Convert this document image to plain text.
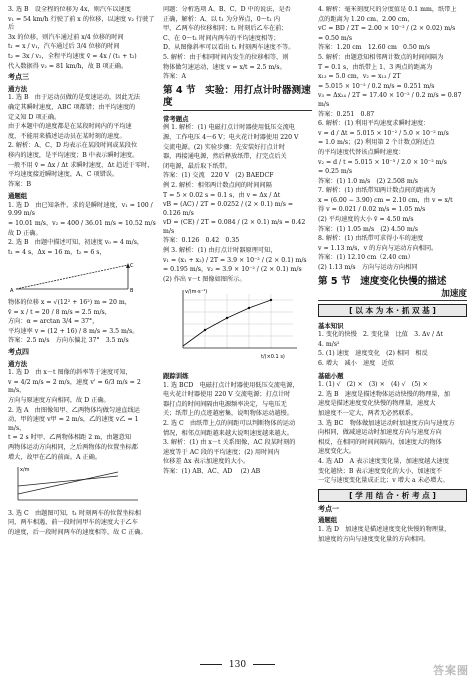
3. 选 B　设全程的位移为 4x，则汽车以速度

v₁ = 54 km/h 行驶了前 x 的位移，以速度 v₂ 行驶了后

3x 的位移，则汽车通过前 x/4 位移的时间

t₁ = x / v₁，汽车通过后 3/4 位移的时间

t₂ = 3x / v₂，全程平均速度 v̄ = 4x / (t₁ + t₂)

代入数据得 v₂ = 81 km/h，故 B 项正确。

考点三
通方法

1. 选 B　由于运动员做的是变速运动，因此无法

确定其瞬时速度，ABC 项都错；由平均速度的

定义知 D 项正确。

由于本题中的速度都是在某段时间内的平均速

度，不能用来描述运动员在某时刻的速度。

2. 解析：A、C、D 均表示在某段时间或某段位

移内的速度，是平均速度；B 中表示瞬时速度。

一般不用 v̄ = Δx / Δt 求瞬时速度，Δt 趋近于零时，

平均速度接近瞬时速度，A、C 项错误。

答案：B

通题组

1. 选 D　由已知条件，求的是瞬时速度，v₁ = 100 / 9.99 m/s

≈ 10.01 m/s，v₂ = 400 / 36.01 m/s ≈ 10.52 m/s

故 D 正确。

2. 选 B　由题中描述可知，初速度 v₀ = 4 m/s，

t₁ = 4 s，Δx = 16 m，t₂ = 6 s，

A	B
C

物体的位移 x = √(12² + 16²) m = 20 m，

v̄ = x / t = 20 / 8 m/s = 2.5 m/s，

方向：α = arctan 3/4 = 37°，

平均速率 v = (12 + 16) / 8 m/s = 3.5 m/s。

答案：2.5 m/s　方向东偏北 37°　3.5 m/s

考点四
通方法

1. 选 D　由 x－t 图像的斜率等于速度可知，

v = 4/2 m/s = 2 m/s，速度 v' = 6/3 m/s = 2 m/s，

方向与原速度方向相同，故 D 正确。

2. 选 A　由图像知甲、乙两物体均做匀速直线运

动，甲的速度 v甲 = 2 m/s，乙的速度 v乙 = 1 m/s，

t = 2 s 时甲、乙两物体相距 2 m，由题意知

两物体运动方向相同，之后两物体的位置坐标都

增大，故甲在乙的前面。A 正确。

x/m

3. 选 C　由题图可知，t₁ 时刻两车的位置坐标相

同，两车相遇，前一段时间甲车的速度大于乙车

的速度，后一段时间两车的速度相等，故 C 正确。

问题：分析选项 A、B、C、D 中的说法，是否

正确，解析：A、以 t₁ 为分界点，0～t₁ 内

甲、乙两车的位移相同；t₁ 时刻后乙车在前；

C、在 0～t₁ 时间内两车的平均速度相等；

D、从图像斜率可以看出 t₁ 时刻两车速度不等。

5. 解析：由于相同时间内发生的位移相等，则

物体做匀速运动，速度 v = x/t = 2.5 m/s。

答案：A

第 4 节　实验：用打点计时器测速度
常考题点

例 1. 解析：(1) 电磁打点计时器使用低压交流电

源，工作电压 4～6 V；电火花计时器使用 220 V

交流电源。(2) 实验步骤：先安装好打点计时

器，再接通电源，然后释放纸带，打完点后关

闭电源，最后取下纸带。

答案：(1) 交流　220 V　(2) BAEDCF

例 2. 解析：相邻两计数点间的时间间隔

T = 5 × 0.02 s = 0.1 s，由 v = Δx / Δt

vB = (AC) / 2T = 0.0252 / (2 × 0.1) m/s = 0.126 m/s

vD = (CE) / 2T = 0.084 / (2 × 0.1) m/s = 0.42 m/s

答案：0.126　0.42　0.35

例 3. 解析：(1) 由打点计时器原理可知，

v₁ = (x₁ + x₂) / 2T = 3.9 × 10⁻² / (2 × 0.1) m/s

= 0.195 m/s，v₂ = 3.9 × 10⁻² / (2 × 0.1) m/s

(2) 作出 v－t 图像如图所示。

v/(m·s⁻¹)
t/(×0.1 s)
跟踪训练

1. 选 BCD　电磁打点计时器使用低压交流电源，

电火花计时器使用 220 V 交流电源；打点计时

器打点的时间间隔由电源频率决定，与电压无

关；纸带上的点迹越密集，说明物体运动越慢。

2. 选 C　由纸带上点的间距可以判断物体的运动

情况，相邻点间距越来越大说明速度越来越大。

3. 解析：(1) 由 x－t 关系图像，AC 段某时刻的

速度等于 AC 段的平均速度；(2) 用时间内

位移差 Δx 表示加速度的大小。

答案：(1) AB、AC、AD 　(2) AB

4. 解析：毫米刻度尺的分度值是 0.1 mm，纸带上

点的距离为 1.20 cm、2.00 cm，

vC = BD / 2T = 2.00 × 10⁻² / (2 × 0.02) m/s

= 0.50 m/s

答案：1.20 cm　12.60 cm　0.50 m/s

5. 解析：由题意知相邻两计数点的时间间隔为

T = 0.1 s，由纸带上 1、3 两点的距离为

x₁₃ = 5.0 cm，v₂ = x₁₃ / 2T

= 5.015 × 10⁻² / 0.2 m/s = 0.251 m/s

v₃ = Δx₂₄ / 2T = 17.40 × 10⁻² / 0.2 m/s = 0.87 m/s

答案：0.251　0.87

6. 解析：(1) 利用平均速度求瞬时速度：

v = d / Δt = 5.015 × 10⁻² / 5.0 × 10⁻² m/s

= 1.0 m/s；(2) 利用第 2 个计数点附近点

的平均速度代替该点瞬时速度：

v₂ = d / t = 5.015 × 10⁻³ / 2.0 × 10⁻² m/s

= 0.25 m/s

答案：(1) 1.0 m/s　(2) 2.508 m/s

7. 解析：(1) 由纸带知两计数点间的距离为

x = (6.00 − 3.90) cm = 2.10 cm，由 v = x/t

得 v = 0.021 / 0.02 m/s = 1.05 m/s

(2) 平均速度的大小 v̄ = 4.50 m/s

答案：(1) 1.05 m/s　(2) 4.50 m/s

8. 解析：(1) 由纸带可求得小车的速度

v = 1.13 m/s，v 的方向与运动方向相同。

答案：(1) 12.10 cm（2.40 cm）

(2) 1.13 m/s　方向与运动方向相同

第 5 节　速度变化快慢的描述
加速度
[ 以 本 为 本 · 抓 双 基 ]
基本知识

1. 变化的快慢　2. 变化量　比值　3. Δv / Δt

4. m/s²

5. (1) 速度　速度变化　(2) 相同　相反

6. 增大　减小　速度　近似

基础小题

1. (1) √　(2) ×　(3) ×　(4) √　(5) ×

2. 选 B　速度是描述物体运动快慢的物理量，加

速度是描述速度变化快慢的物理量，速度大

加速度不一定大，两者无必然联系。

3. 选 BC　物体做加速运动时加速度方向与速度方

向相同，做减速运动时加速度方向与速度方向

相反，在相同的时间间隔内，加速度大的物体

速度变化大。

4. 选 AD　A 表示速度变化量，加速度越大速度

变化越快；B 表示速度变化的大小，加速度不

一定与速度变化量成正比；v 增大 a 未必增大。

[ 学 用 结 合 · 析 考 点 ]
考点一
通题组

1. 选 D　加速度是描述速度变化快慢的物理量，

加速度的方向与速度变化量的方向相同。

130	答案圈
